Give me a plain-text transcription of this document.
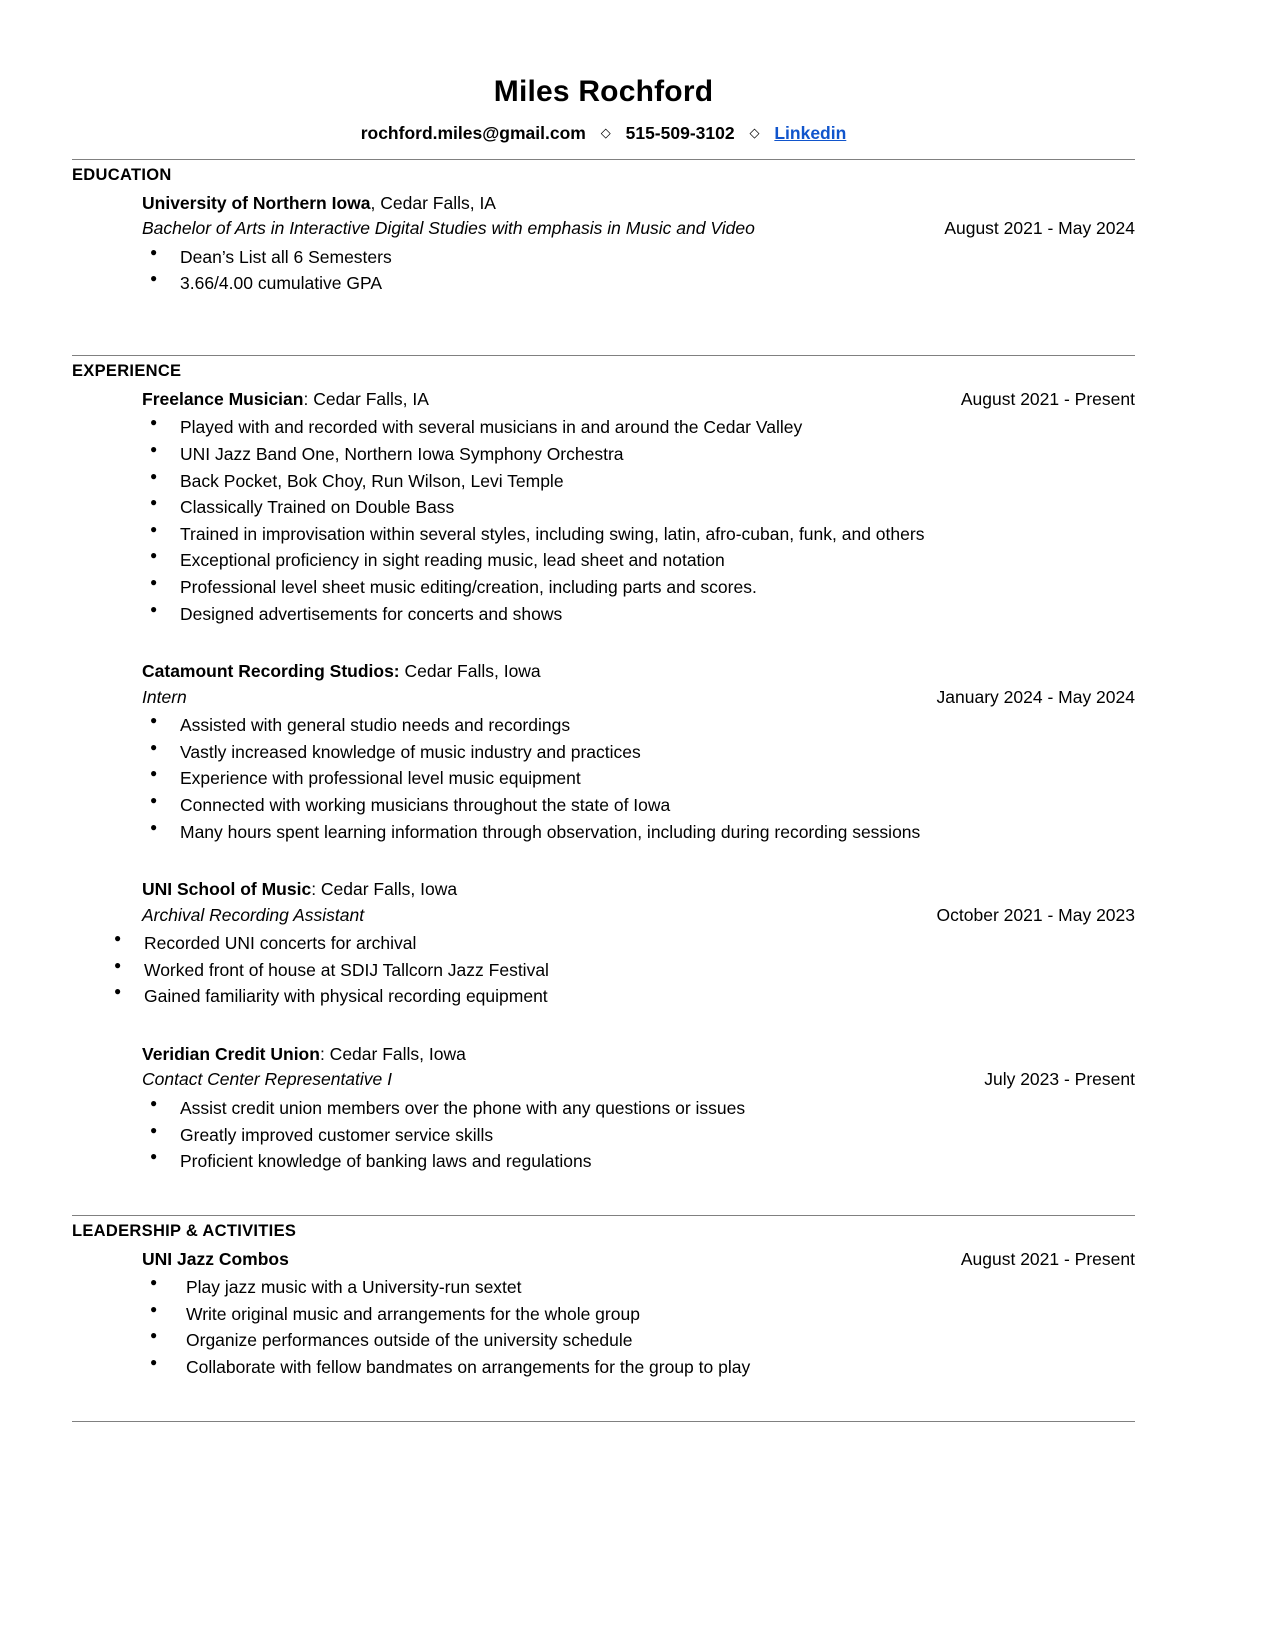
Miles Rochford
rochford.miles@gmail.com ◇ 515-509-3102 ◇ Linkedin
EDUCATION
University of Northern Iowa, Cedar Falls, IA
Bachelor of Arts in Interactive Digital Studies with emphasis in Music and Video	August 2021 - May 2024
● Dean’s List all 6 Semesters
● 3.66/4.00 cumulative GPA
EXPERIENCE
Freelance Musician: Cedar Falls, IA	August 2021 - Present
● Played with and recorded with several musicians in and around the Cedar Valley
● UNI Jazz Band One, Northern Iowa Symphony Orchestra
● Back Pocket, Bok Choy, Run Wilson, Levi Temple
● Classically Trained on Double Bass
● Trained in improvisation within several styles, including swing, latin, afro-cuban, funk, and others
● Exceptional proficiency in sight reading music, lead sheet and notation
● Professional level sheet music editing/creation, including parts and scores.
● Designed advertisements for concerts and shows
Catamount Recording Studios: Cedar Falls, Iowa
Intern	January 2024 - May 2024
● Assisted with general studio needs and recordings
● Vastly increased knowledge of music industry and practices
● Experience with professional level music equipment
● Connected with working musicians throughout the state of Iowa
● Many hours spent learning information through observation, including during recording sessions
UNI School of Music: Cedar Falls, Iowa
Archival Recording Assistant	October 2021 - May 2023
● Recorded UNI concerts for archival
● Worked front of house at SDIJ Tallcorn Jazz Festival
● Gained familiarity with physical recording equipment
Veridian Credit Union: Cedar Falls, Iowa
Contact Center Representative I	July 2023 - Present
● Assist credit union members over the phone with any questions or issues
● Greatly improved customer service skills
● Proficient knowledge of banking laws and regulations
LEADERSHIP & ACTIVITIES
UNI Jazz Combos	August 2021 - Present
● Play jazz music with a University-run sextet
● Write original music and arrangements for the whole group
● Organize performances outside of the university schedule
● Collaborate with fellow bandmates on arrangements for the group to play
